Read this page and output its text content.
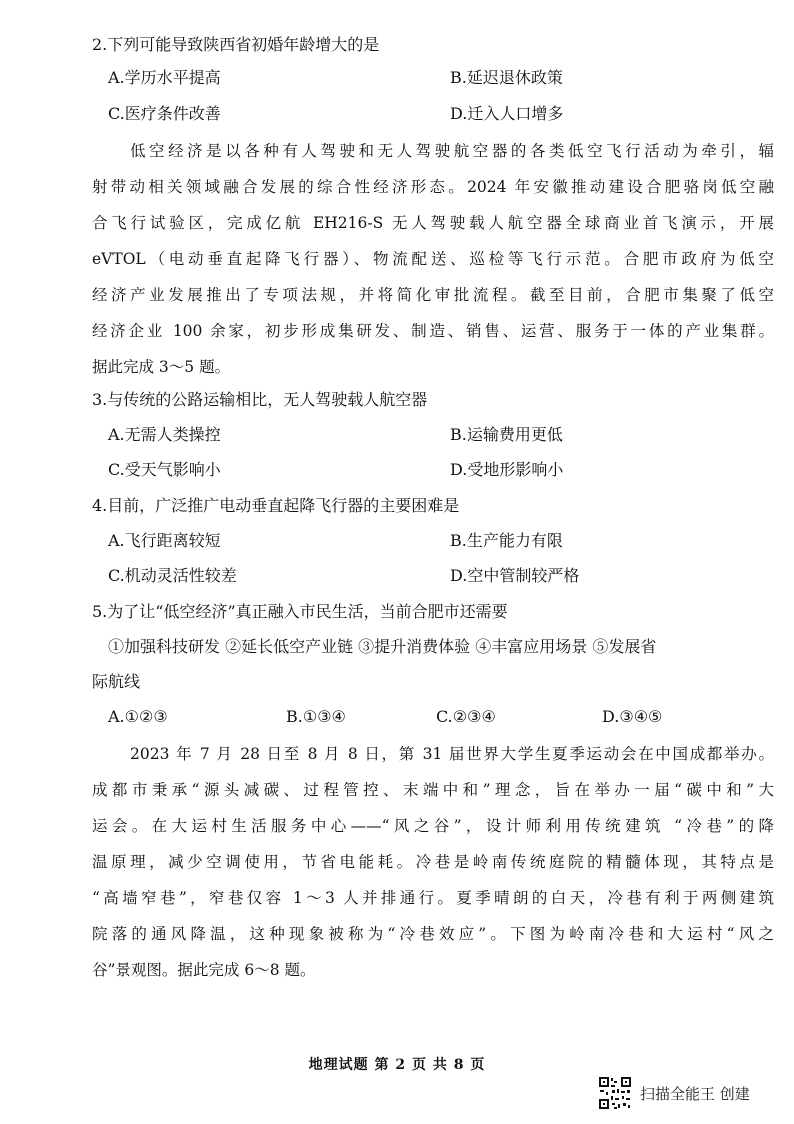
2.下列可能导致陕西省初婚年龄增大的是
A.学历水平提高	B.延迟退休政策
C.医疗条件改善	D.迁入人口增多
低空经济是以各种有人驾驶和无人驾驶航空器的各类低空飞行活动为牵引，辐
射带动相关领域融合发展的综合性经济形态。2024 年安徽推动建设合肥骆岗低空融
合飞行试验区，完成亿航 EH216-S 无人驾驶载人航空器全球商业首飞演示，开展
eVTOL（电动垂直起降飞行器）、物流配送、巡检等飞行示范。合肥市政府为低空
经济产业发展推出了专项法规，并将简化审批流程。截至目前，合肥市集聚了低空
经济企业 100 余家，初步形成集研发、制造、销售、运营、服务于一体的产业集群。
据此完成 3～5 题。
3.与传统的公路运输相比，无人驾驶载人航空器
A.无需人类操控	B.运输费用更低
C.受天气影响小	D.受地形影响小
4.目前，广泛推广电动垂直起降飞行器的主要困难是
A.飞行距离较短	B.生产能力有限
C.机动灵活性较差	D.空中管制较严格
5.为了让“低空经济”真正融入市民生活，当前合肥市还需要
①加强科技研发 ②延长低空产业链 ③提升消费体验 ④丰富应用场景 ⑤发展省
际航线
A.①②③	B.①③④	C.②③④	D.③④⑤
2023 年 7 月 28 日至 8 月 8 日，第 31 届世界大学生夏季运动会在中国成都举办。
成都市秉承“源头减碳、过程管控、末端中和”理念，旨在举办一届“碳中和”大
运会。在大运村生活服务中心——“风之谷”，设计师利用传统建筑 “冷巷”的降
温原理，减少空调使用，节省电能耗。冷巷是岭南传统庭院的精髓体现，其特点是
“高墙窄巷”，窄巷仅容 1～3 人并排通行。夏季晴朗的白天，冷巷有利于两侧建筑
院落的通风降温，这种现象被称为“冷巷效应”。下图为岭南冷巷和大运村“风之
谷”景观图。据此完成 6～8 题。
地理试题 第 2 页 共 8 页
扫描全能王 创建
